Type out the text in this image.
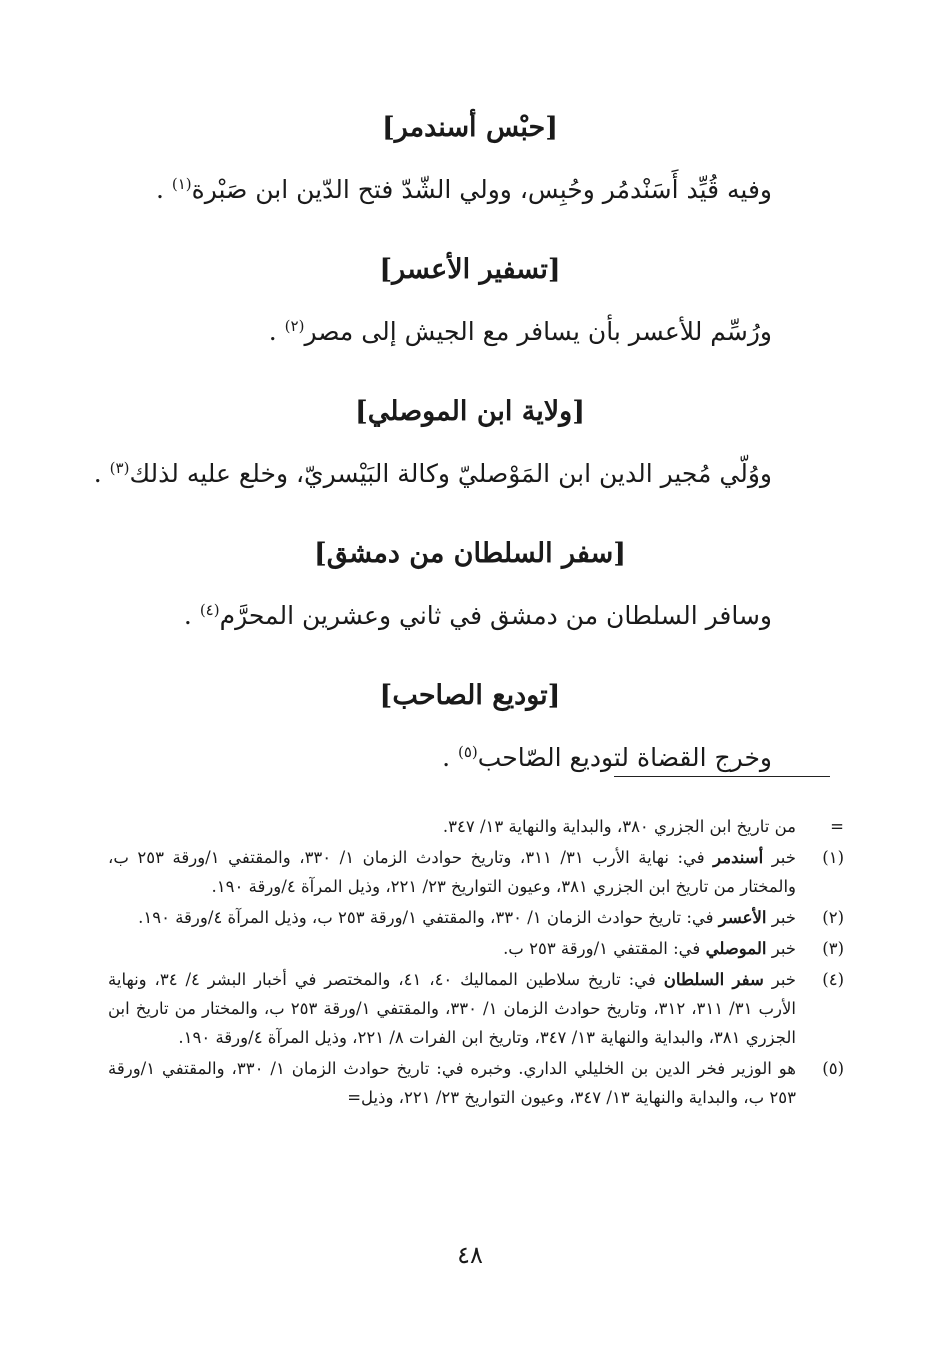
[حبْس أسندمر]
وفيه قُيِّد أَسَنْدمُر وحُبِس، وولي الشّدّ فتح الدّين ابن صَبْرة$^{(١)}$ .
[تسفير الأعسر]
ورُسِّم للأعسر بأن يسافر مع الجيش إلى مصر$^{(٢)}$ .
[ولاية ابن الموصلي]
ووُلّي مُجير الدين ابن المَوْصليّ وكالة البَيْسريّ، وخلع عليه لذلك$^{(٣)}$ .
[سفر السلطان من دمشق]
وسافر السلطان من دمشق في ثاني وعشرين المحرَّم$^{(٤)}$ .
[توديع الصاحب]
وخرج القضاة لتوديع الصّاحب$^{(٥)}$ .
=
من تاريخ ابن الجزري ٣٨٠، والبداية والنهاية ١٣/ ٣٤٧.
(١)
خبر أسندمر في: نهاية الأرب ٣١/ ٣١١، وتاريخ حوادث الزمان ١/ ٣٣٠، والمقتفي ١/ورقة ٢٥٣ ب، والمختار من تاريخ ابن الجزري ٣٨١، وعيون التواريخ ٢٣/ ٢٢١، وذيل المرآة ٤/ورقة ١٩٠.
(٢)
خبر الأعسر في: تاريخ حوادث الزمان ١/ ٣٣٠، والمقتفي ١/ورقة ٢٥٣ ب، وذيل المرآة ٤/ورقة ١٩٠.
(٣)
خبر الموصلي في: المقتفي ١/ورقة ٢٥٣ ب.
(٤)
خبر سفر السلطان في: تاريخ سلاطين المماليك ٤٠، ٤١، والمختصر في أخبار البشر ٤/ ٣٤، ونهاية الأرب ٣١/ ٣١١، ٣١٢، وتاريخ حوادث الزمان ١/ ٣٣٠، والمقتفي ١/ورقة ٢٥٣ ب، والمختار من تاريخ ابن الجزري ٣٨١، والبداية والنهاية ١٣/ ٣٤٧، وتاريخ ابن الفرات ٨/ ٢٢١، وذيل المرآة ٤/ورقة ١٩٠.
(٥)
هو الوزير فخر الدين بن الخليلي الداري. وخبره في: تاريخ حوادث الزمان ١/ ٣٣٠، والمقتفي ١/ورقة ٢٥٣ ب، والبداية والنهاية ١٣/ ٣٤٧، وعيون التواريخ ٢٣/ ٢٢١، وذيل=
٤٨
